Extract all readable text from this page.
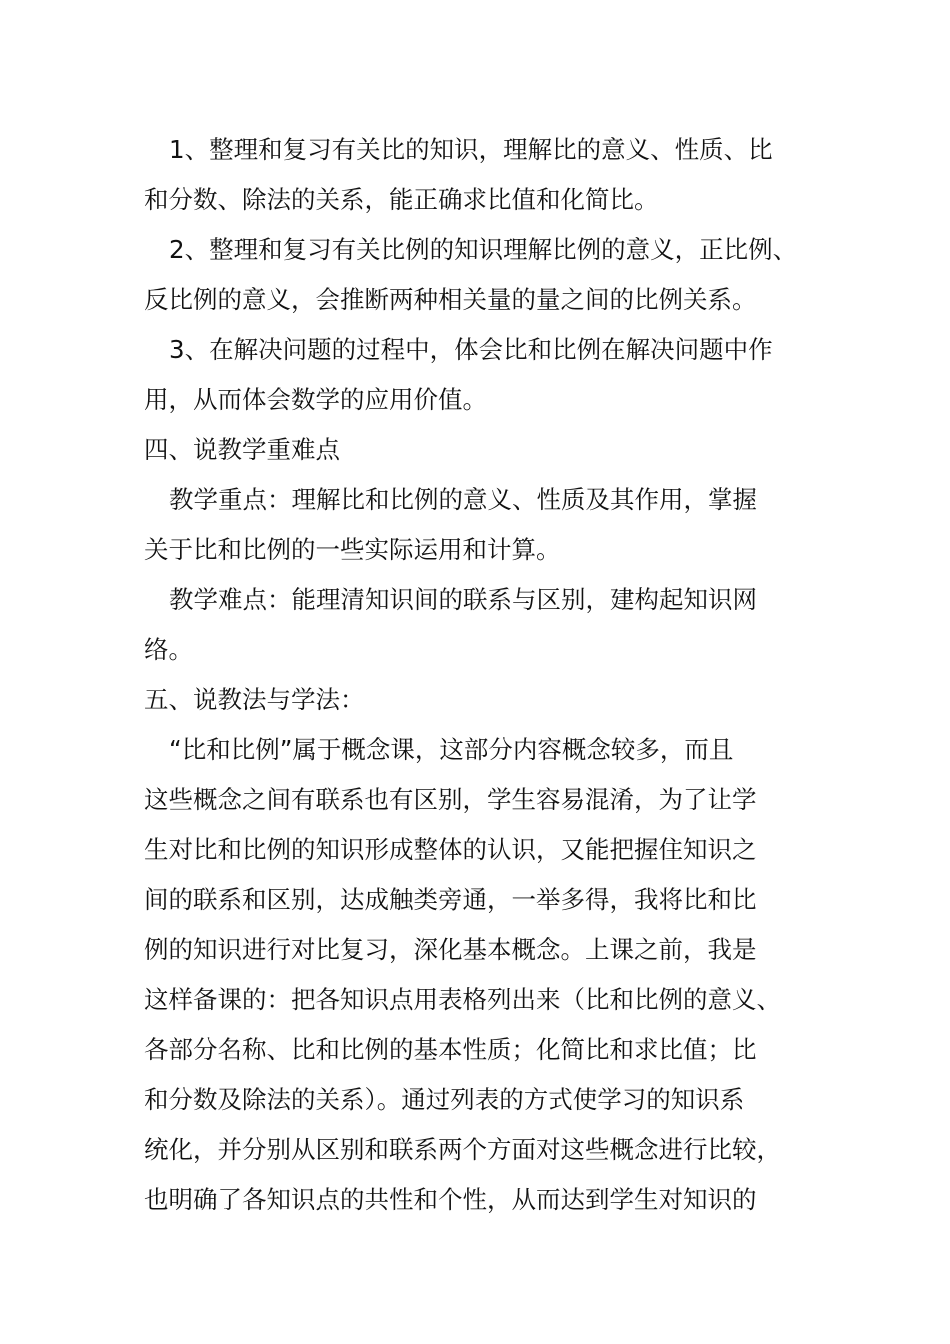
1、整理和复习有关比的知识，理解比的意义、性质、比
和分数、除法的关系，能正确求比值和化简比。
2、整理和复习有关比例的知识理解比例的意义，正比例、
反比例的意义，会推断两种相关量的量之间的比例关系。
3、在解决问题的过程中，体会比和比例在解决问题中作
用，从而体会数学的应用价值。
四、说教学重难点
教学重点：理解比和比例的意义、性质及其作用，掌握
关于比和比例的一些实际运用和计算。
教学难点：能理清知识间的联系与区别，建构起知识网
络。
五、说教法与学法：
“比和比例”属于概念课，这部分内容概念较多，而且
这些概念之间有联系也有区别，学生容易混淆，为了让学
生对比和比例的知识形成整体的认识，又能把握住知识之
间的联系和区别，达成触类旁通，一举多得，我将比和比
例的知识进行对比复习，深化基本概念。上课之前，我是
这样备课的：把各知识点用表格列出来（比和比例的意义、
各部分名称、比和比例的基本性质；化简比和求比值；比
和分数及除法的关系）。通过列表的方式使学习的知识系
统化，并分别从区别和联系两个方面对这些概念进行比较，
也明确了各知识点的共性和个性，从而达到学生对知识的
